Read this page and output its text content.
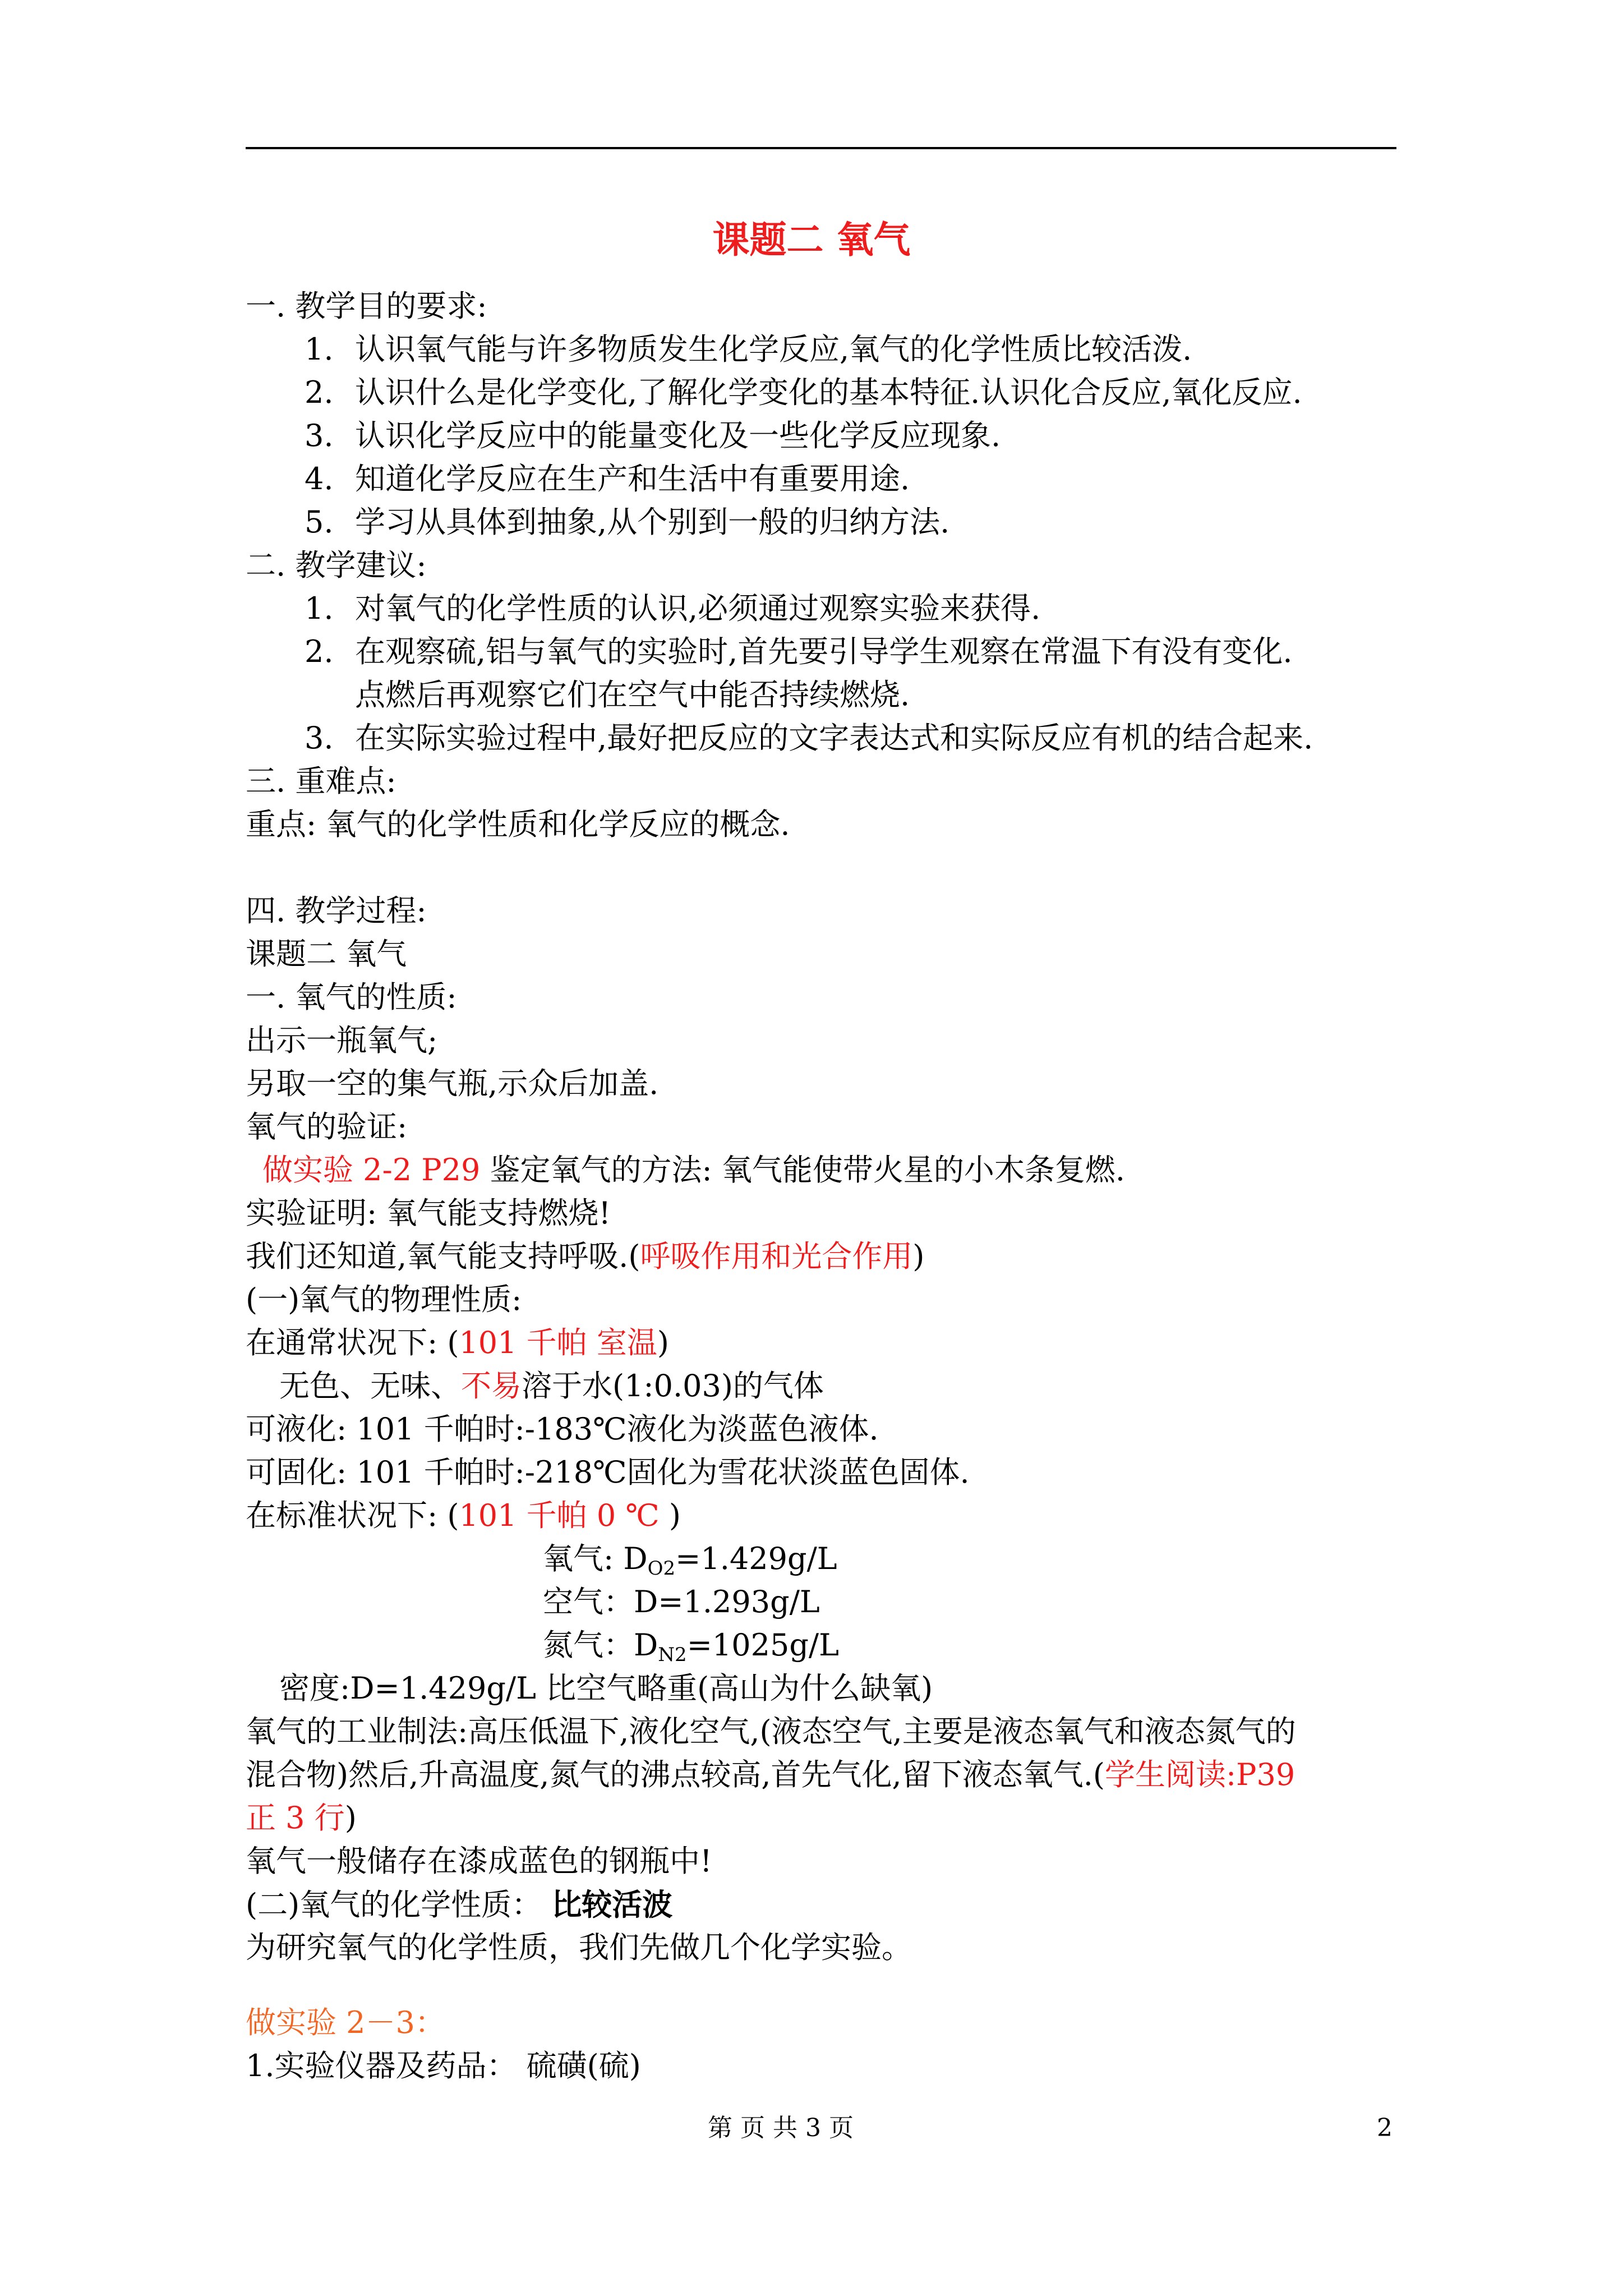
课题二 氧气
一. 教学目的要求:
1. 认识氧气能与许多物质发生化学反应,氧气的化学性质比较活泼.
2. 认识什么是化学变化,了解化学变化的基本特征.认识化合反应,氧化反应.
3. 认识化学反应中的能量变化及一些化学反应现象.
4. 知道化学反应在生产和生活中有重要用途.
5. 学习从具体到抽象,从个别到一般的归纳方法.
二. 教学建议:
1. 对氧气的化学性质的认识,必须通过观察实验来获得.
2. 在观察硫,铝与氧气的实验时,首先要引导学生观察在常温下有没有变化.
点燃后再观察它们在空气中能否持续燃烧.
3. 在实际实验过程中,最好把反应的文字表达式和实际反应有机的结合起来.
三. 重难点:
重点: 氧气的化学性质和化学反应的概念.
四. 教学过程:
课题二 氧气
一. 氧气的性质:
出示一瓶氧气;
另取一空的集气瓶,示众后加盖.
氧气的验证:
做实验 2-2 P29 鉴定氧气的方法: 氧气能使带火星的小木条复燃.
实验证明: 氧气能支持燃烧!
我们还知道,氧气能支持呼吸.(呼吸作用和光合作用)
(一)氧气的物理性质:
在通常状况下: (101 千帕 室温)
无色、无味、不易溶于水(1:0.03)的气体
可液化: 101 千帕时:-183℃液化为淡蓝色液体.
可固化: 101 千帕时:-218℃固化为雪花状淡蓝色固体.
在标准状况下: (101 千帕 0 ℃ )
氧气: $D_{O2}=1.429g/L$
空气：D=1.293g/L
氮气：$D_{N2}=1025g/L$
密度:D=1.429g/L 比空气略重(高山为什么缺氧)
氧气的工业制法:高压低温下,液化空气,(液态空气,主要是液态氧气和液态氮气的
混合物)然后,升高温度,氮气的沸点较高,首先气化,留下液态氧气.(学生阅读:P39
正 3 行)
氧气一般储存在漆成蓝色的钢瓶中!
(二)氧气的化学性质： 比较活波
为研究氧气的化学性质，我们先做几个化学实验。
做实验 2－3：
1.实验仪器及药品： 硫磺(硫)
第 页 共 3 页	2
